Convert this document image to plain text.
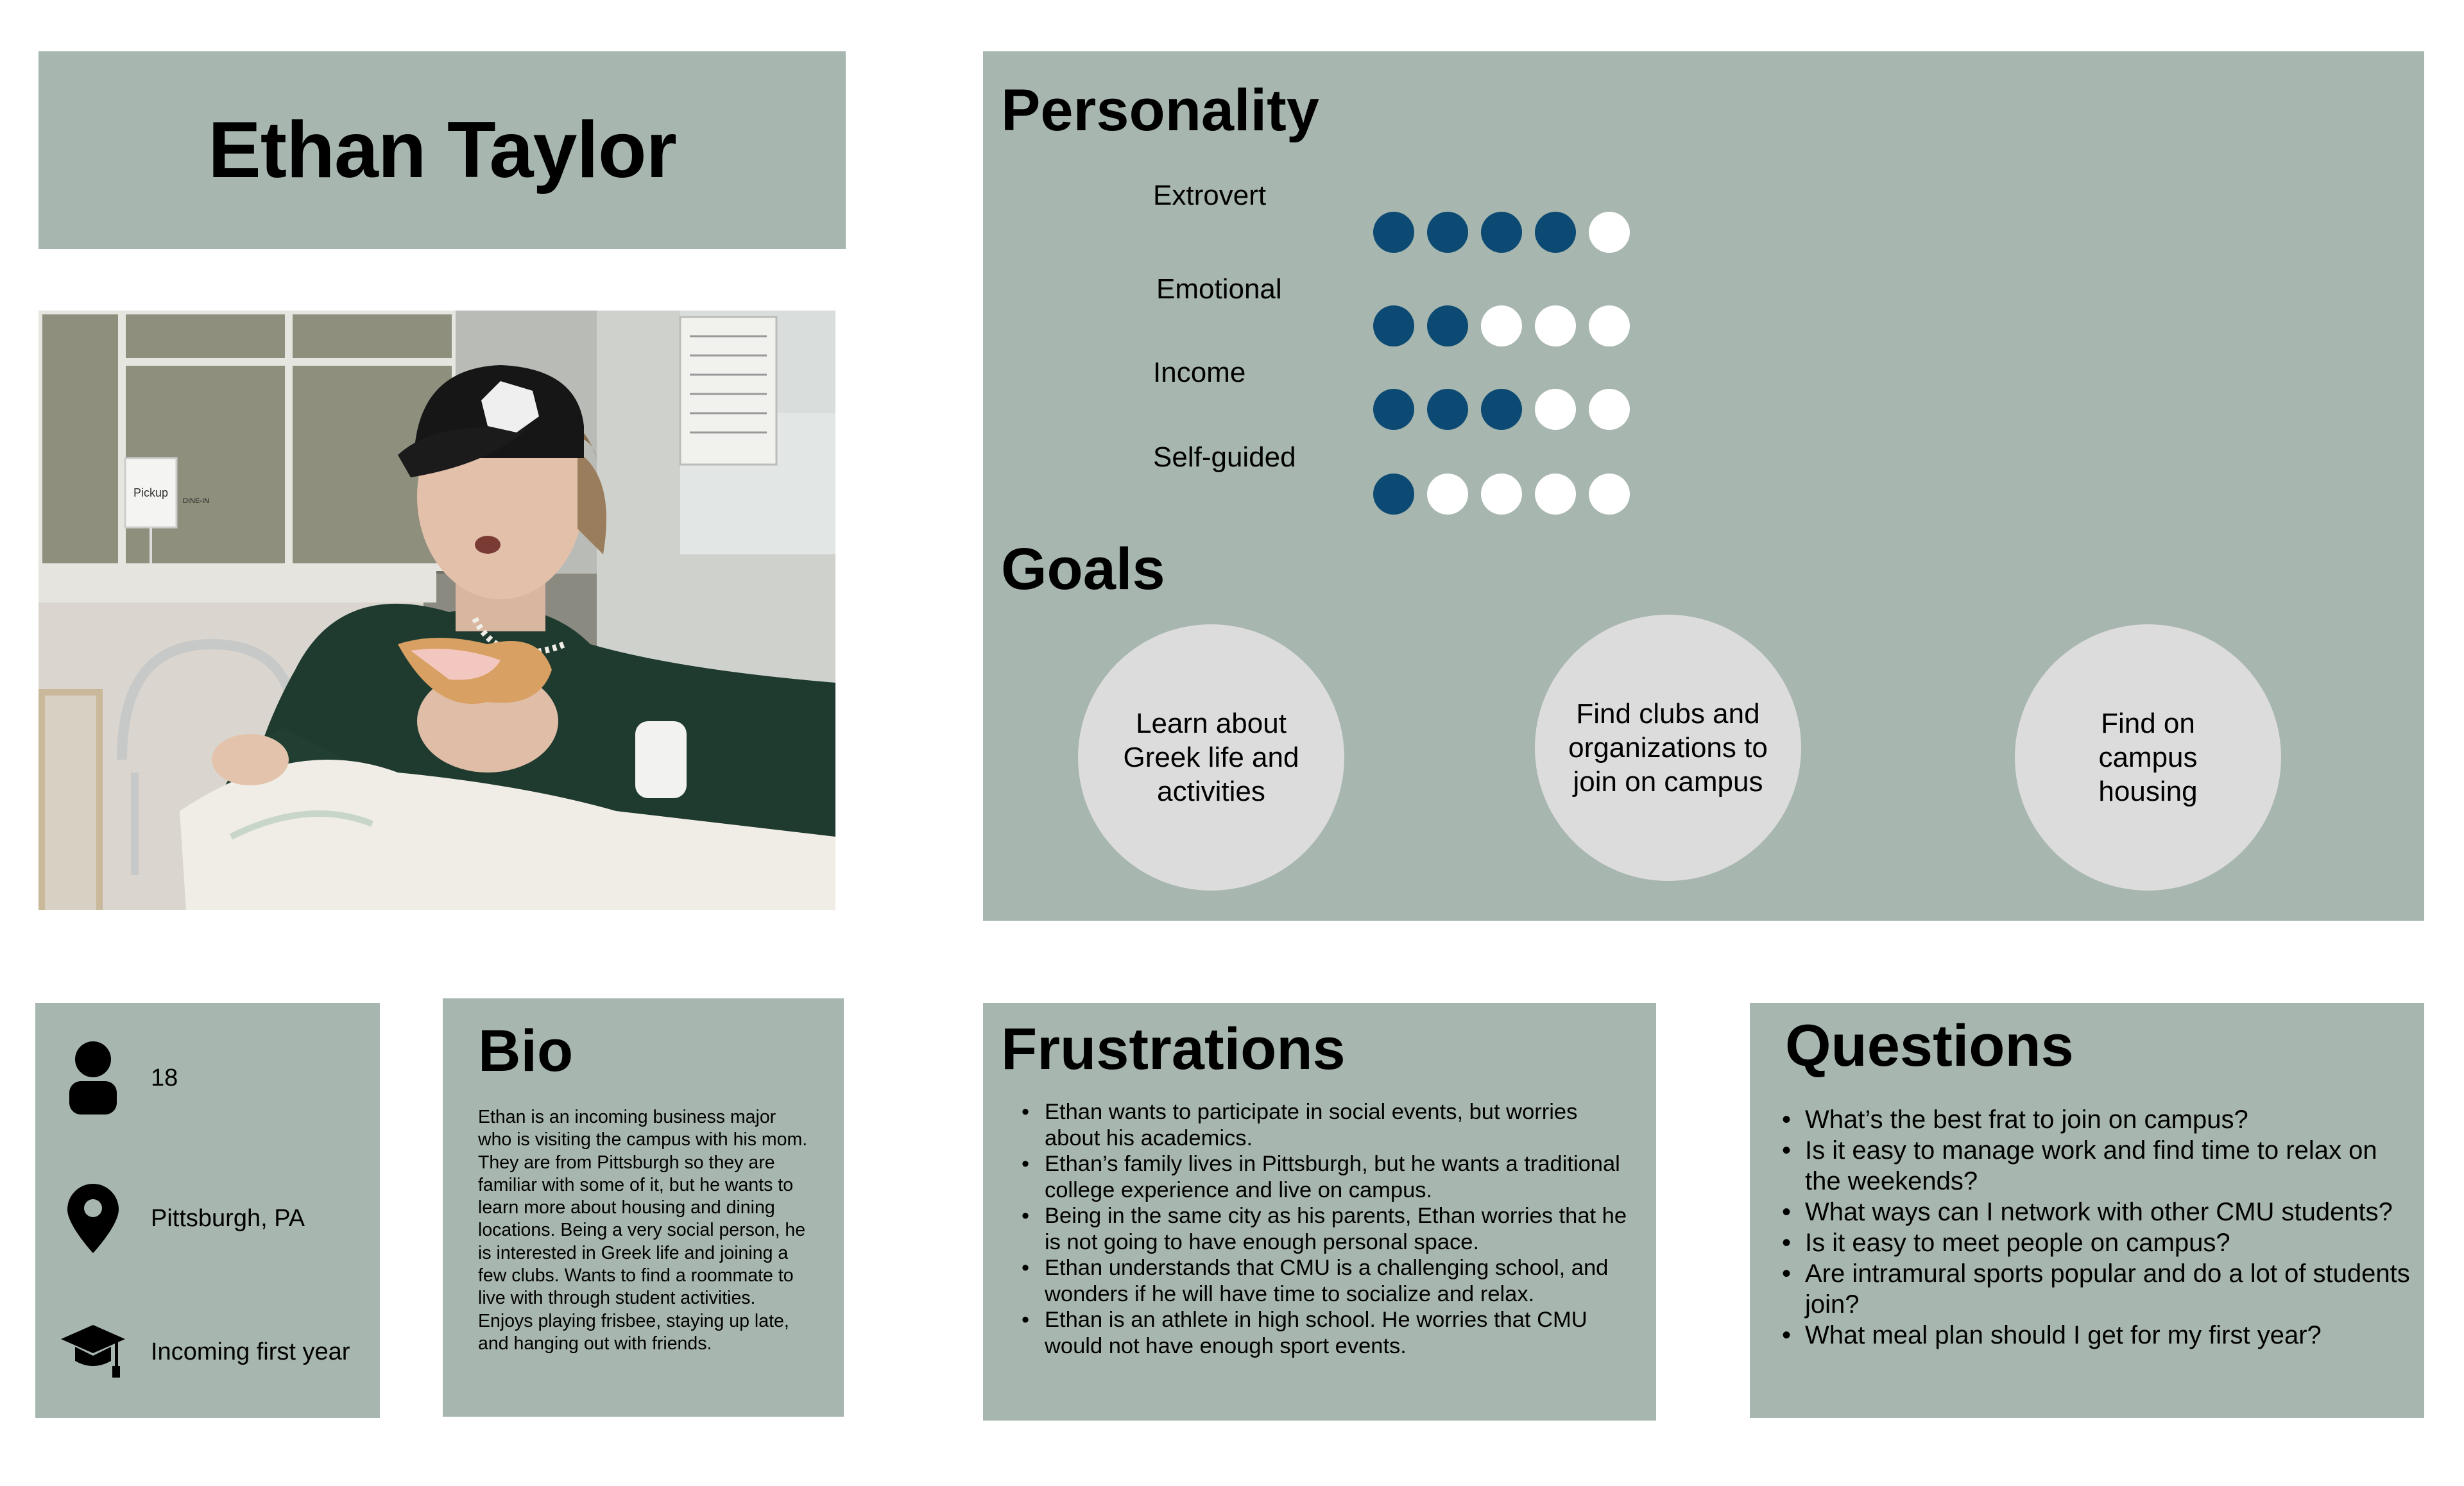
Ethan Taylor
Pickup
DINE-IN
Personality
Extrovert
Emotional
Income
Self-guided
Goals
Learn about Greek life and activities
Find clubs and organizations to join on campus
Find on campus housing
18
Pittsburgh, PA
Incoming first year
Bio
Ethan is an incoming business major who is visiting the campus with his mom. They are from Pittsburgh so they are familiar with some of it, but he wants to learn more about housing and dining locations. Being a very social person, he is interested in Greek life and joining a few clubs. Wants to find a roommate to live with through student activities. Enjoys playing frisbee, staying up late, and hanging out with friends.
Frustrations
• Ethan wants to participate in social events, but worries about his academics.
• Ethan’s family lives in Pittsburgh, but he wants a traditional college experience and live on campus.
• Being in the same city as his parents, Ethan worries that he is not going to have enough personal space.
• Ethan understands that CMU is a challenging school, and wonders if he will have time to socialize and relax.
• Ethan is an athlete in high school. He worries that CMU would not have enough sport events.
Questions
• What’s the best frat to join on campus?
• Is it easy to manage work and find time to relax on the weekends?
• What ways can I network with other CMU students?
• Is it easy to meet people on campus?
• Are intramural sports popular and do a lot of students join?
• What meal plan should I get for my first year?
